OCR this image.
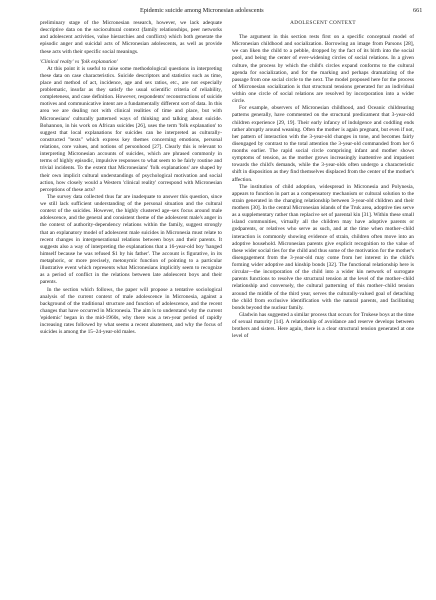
Epidemic suicide among Micronesian adolescents	661

preliminary stage of the Micronesian research, however, we lack adequate descriptive data on the sociocultural context (family relationships, peer networks and adolescent activities, value hierarchies and conflicts) which both generate the episodic anger and suicidal acts of Micronesian adolescents, as well as provide these acts with their specific social meanings.

'Clinical realty' vs 'folk explanation'

At this point it is useful to raise some methodological questions in interpreting these data on case characteristics. Suicide descriptors and statistics such as time, place and method of act, incidence, age and sex ratios, etc., are not especially problematic, insofar as they satisfy the usual scientific criteria of reliability, completeness, and case definition. However, respondents' reconstructions of suicide motives and communicative intent are a fundamentally different sort of data. In this area we are dealing not with clinical realities of time and place, but with Micronesians' culturally patterned ways of thinking and talking about suicide. Bohannon, in his work on African suicides [26], uses the term 'folk explanation' to suggest that local explanations for suicides can be interpreted as culturally-constructed "texts" which express key themes concerning emotions, personal relations, core values, and notions of personhood [27]. Clearly this is relevant to interpreting Micronesian accounts of suicides, which are phrased commonly in terms of highly episodic, impulsive responses to what seem to be fairly routine and trivial incidents. To the extent that Micronesians' 'folk explanations' are shaped by their own implicit cultural understandings of psychological motivation and social action, how closely would a Western 'clinical reality' correspond with Micronesian perceptions of these acts?

The survey data collected thus far are inadequate to answer this question, since we still lack sufficient understanding of the personal situation and the cultural context of the suicides. However, the highly clustered age–sex focus around male adolescence, and the general and consistent theme of the adolescent male's anger in the context of authority-dependency relations within the family, suggest strongly that an explanatory model of adolescent male suicides in Micronesia must relate to recent changes in intergenerational relations between boys and their parents. It suggests also a way of interpreting the explanations that a 16-year-old boy 'hanged himself because he was refused $1 by his father'. The account is figurative, in its metaphoric, or more precisely, metonymic function of pointing to a particular illustrative event which represents what Micronesians implicitly seem to recognize as a period of conflict in the relations between late adolescent boys and their parents.

In the section which follows, the paper will propose a tentative sociological analysis of the current context of male adolescence in Micronesia, against a background of the traditional structure and function of adolescence, and the recent changes that have occurred in Micronesia. The aim is to understand why the current 'epidemic' began in the mid-1960s, why there was a ten-year period of rapidly increasing rates followed by what seems a recent abatement, and why the focus of suicides is among the 15–24-year-old males.

ADOLESCENT CONTEXT

The argument in this section rests first on a specific conceptual model of Micronesian childhood and socialization. Borrowing an image from Parsons [28], we can liken the child to a pebble, dropped by the fact of its birth into the social pool, and being the center of ever-widening circles of social relations. In a given culture, the process by which the child's circles expand conforms to the cultural agenda for socialization, and for the marking and perhaps dramatizing of the passage from one social circle to the next. The model proposed here for the process of Micronesian socialization is that structural tensions generated for an individual within one circle of social relations are resolved by incorporation into a wider circle.

For example, observers of Micronesian childhood, and Oceanic childrearing patterns generally, have commented on the structural predicament that 3-year-old children experience [29, 19]. Their early infancy of indulgence and coddling ends rather abruptly around weaning. Often the mother is again pregnant, but even if not, her pattern of interaction with the 3-year-old changes in tone, and becomes fairly disengaged by contrast to the total attention the 3-year-old commanded from her 6 months earlier. The rapid social circle comprising infant and mother shows symptoms of tension, as the mother grows increasingly inattentive and impatient towards the child's demands, while the 3-year-olds often undergo a characteristic shift in disposition as they find themselves displaced from the center of the mother's affection.

The institution of child adoption, widespread in Micronesia and Polynesia, appears to function in part as a compensatory mechanism or cultural solution to the strain generated in the changing relationship between 3-year-old children and their mothers [30]. In the central Micronesian islands of the Truk area, adoptive ties serve as a supplementary rather than replacive set of parental kin [31]. Within these small island communities, virtually all the children may have adoptive parents or godparents, or relatives who serve as such, and at the time when mother–child interaction is commonly showing evidence of strain, children often move into an adoptive household. Micronesian parents give explicit recognition to the value of these wider social ties for the child and thus some of the motivation for the mother's disengagement from the 3-year-old may come from her interest in the child's forming wider adoptive and kinship bonds [32]. The functional relationship here is circular—the incorporation of the child into a wider kin network of surrogate parents functions to resolve the structural tension at the level of the mother–child relationship and conversely, the cultural patterning of this mother–child tension around the middle of the third year, serves the culturally-valued goal of detaching the child from exclusive identification with the natural parents, and facilitating bonds beyond the nuclear family.

Gladwin has suggested a similar process that occurs for Trukese boys at the time of sexual maturity [14]. A relationship of avoidance and reserve develops between brothers and sisters. Here again, there is a clear structural tension generated at one level of
